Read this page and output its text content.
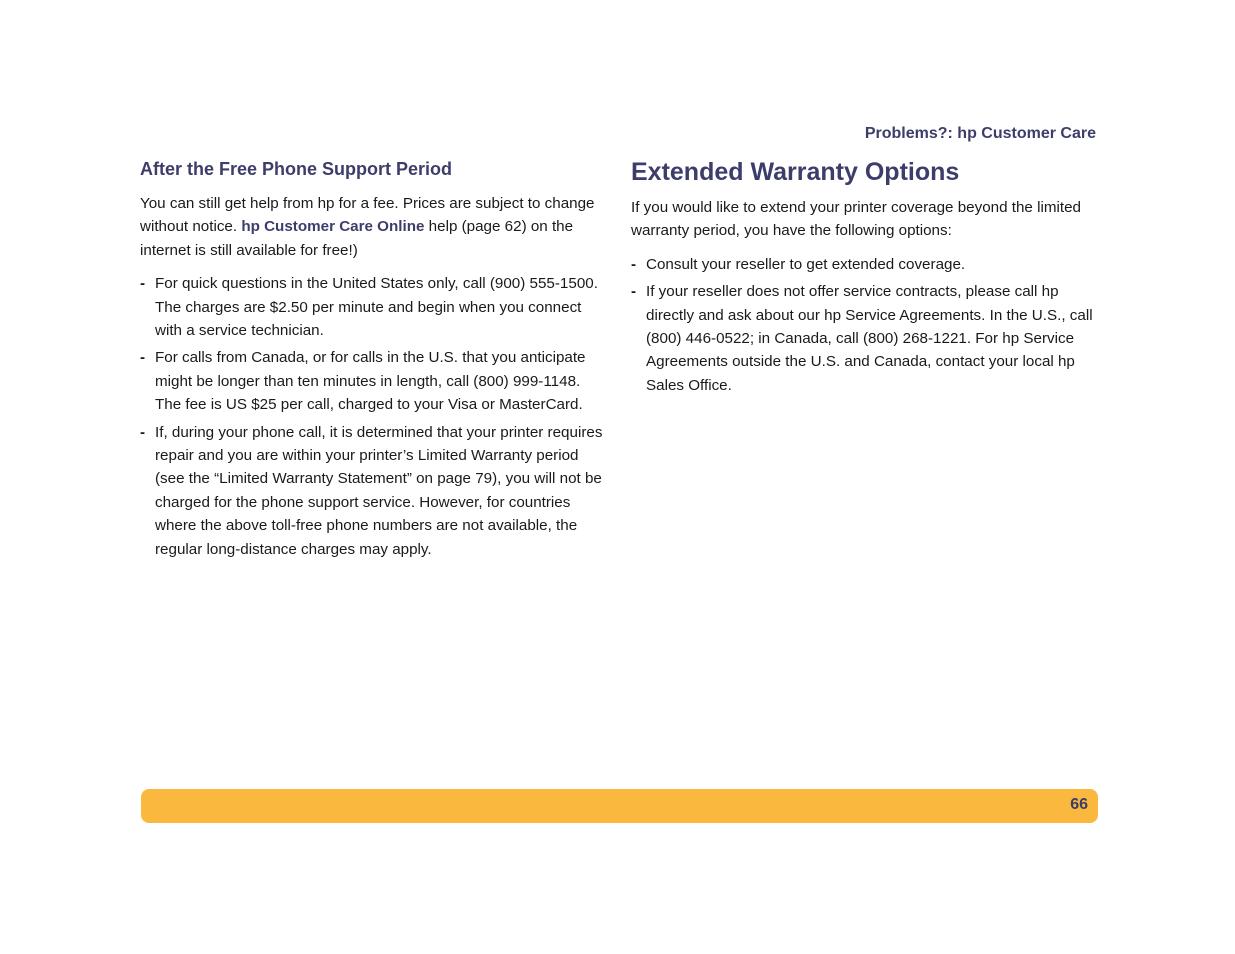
Problems?: hp Customer Care
After the Free Phone Support Period

You can still get help from hp for a fee. Prices are subject to change without notice. hp Customer Care Online help (page 62) on the internet is still available for free!)

- For quick questions in the United States only, call (900) 555-1500. The charges are $2.50 per minute and begin when you connect with a service technician.
- For calls from Canada, or for calls in the U.S. that you anticipate might be longer than ten minutes in length, call (800) 999-1148. The fee is US $25 per call, charged to your Visa or MasterCard.
- If, during your phone call, it is determined that your printer requires repair and you are within your printer’s Limited Warranty period (see the “Limited Warranty Statement” on page 79), you will not be charged for the phone support service. However, for countries where the above toll-free phone numbers are not available, the regular long-distance charges may apply.
Extended Warranty Options

If you would like to extend your printer coverage beyond the limited warranty period, you have the following options:

- Consult your reseller to get extended coverage.
- If your reseller does not offer service contracts, please call hp directly and ask about our hp Service Agreements. In the U.S., call (800) 446-0522; in Canada, call (800) 268-1221. For hp Service Agreements outside the U.S. and Canada, contact your local hp Sales Office.
66
